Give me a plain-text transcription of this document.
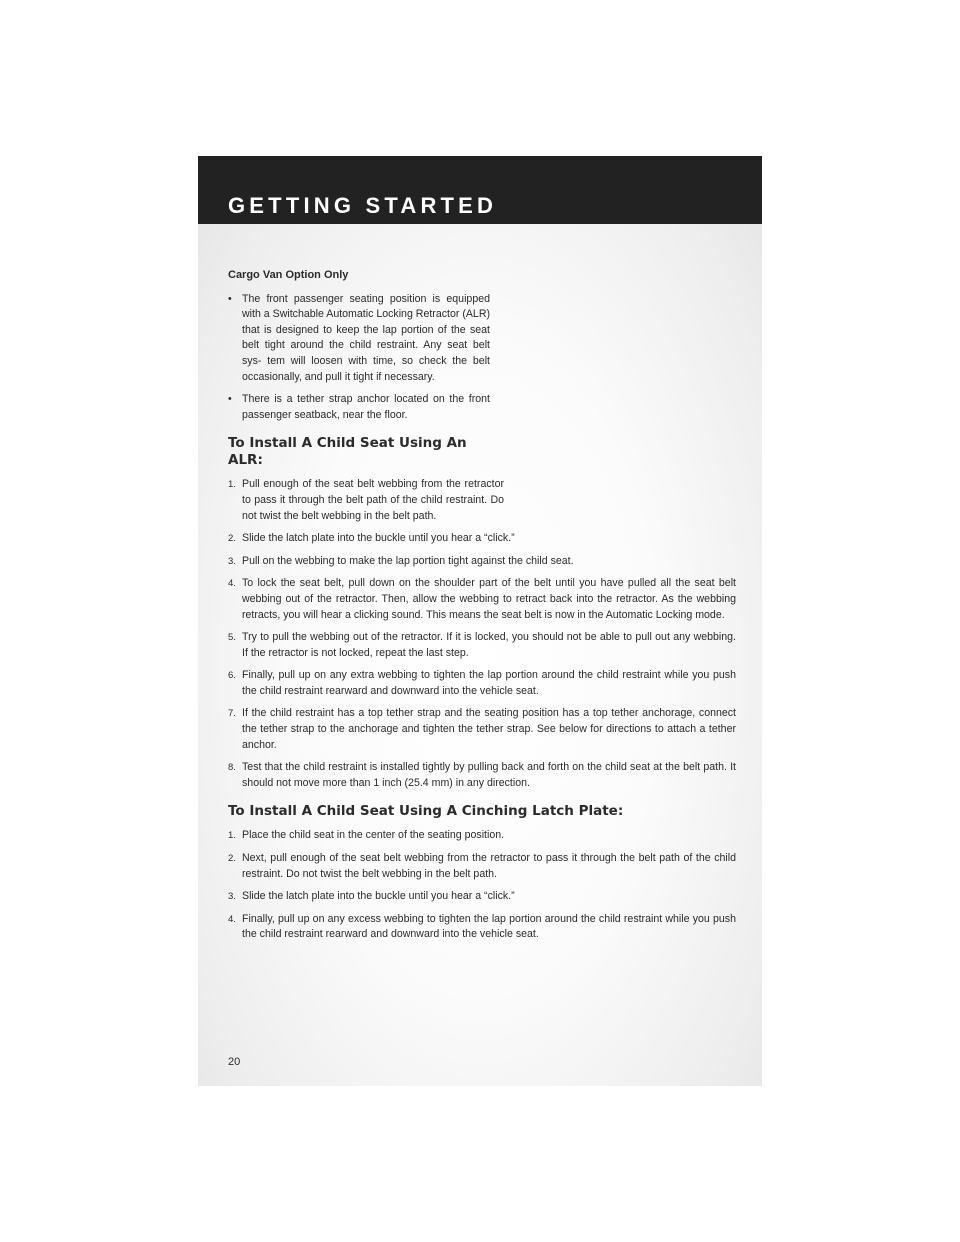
GETTING STARTED
Cargo Van Option Only
• The front passenger seating position is equipped with a Switchable Automatic Locking Retractor (ALR) that is designed to keep the lap portion of the seat belt tight around the child restraint. Any seat belt sys- tem will loosen with time, so check the belt occasionally, and pull it tight if necessary.
• There is a tether strap anchor located on the front passenger seatback, near the floor.
To Install A Child Seat Using An ALR:
1. Pull enough of the seat belt webbing from the retractor to pass it through the belt path of the child restraint. Do not twist the belt webbing in the belt path.
2. Slide the latch plate into the buckle until you hear a “click.”
3. Pull on the webbing to make the lap portion tight against the child seat.
4. To lock the seat belt, pull down on the shoulder part of the belt until you have pulled all the seat belt webbing out of the retractor. Then, allow the webbing to retract back into the retractor. As the webbing retracts, you will hear a clicking sound. This means the seat belt is now in the Automatic Locking mode.
5. Try to pull the webbing out of the retractor. If it is locked, you should not be able to pull out any webbing. If the retractor is not locked, repeat the last step.
6. Finally, pull up on any extra webbing to tighten the lap portion around the child restraint while you push the child restraint rearward and downward into the vehicle seat.
7. If the child restraint has a top tether strap and the seating position has a top tether anchorage, connect the tether strap to the anchorage and tighten the tether strap. See below for directions to attach a tether anchor.
8. Test that the child restraint is installed tightly by pulling back and forth on the child seat at the belt path. It should not move more than 1 inch (25.4 mm) in any direction.
To Install A Child Seat Using A Cinching Latch Plate:
1. Place the child seat in the center of the seating position.
2. Next, pull enough of the seat belt webbing from the retractor to pass it through the belt path of the child restraint. Do not twist the belt webbing in the belt path.
3. Slide the latch plate into the buckle until you hear a “click.”
4. Finally, pull up on any excess webbing to tighten the lap portion around the child restraint while you push the child restraint rearward and downward into the vehicle seat.
20
